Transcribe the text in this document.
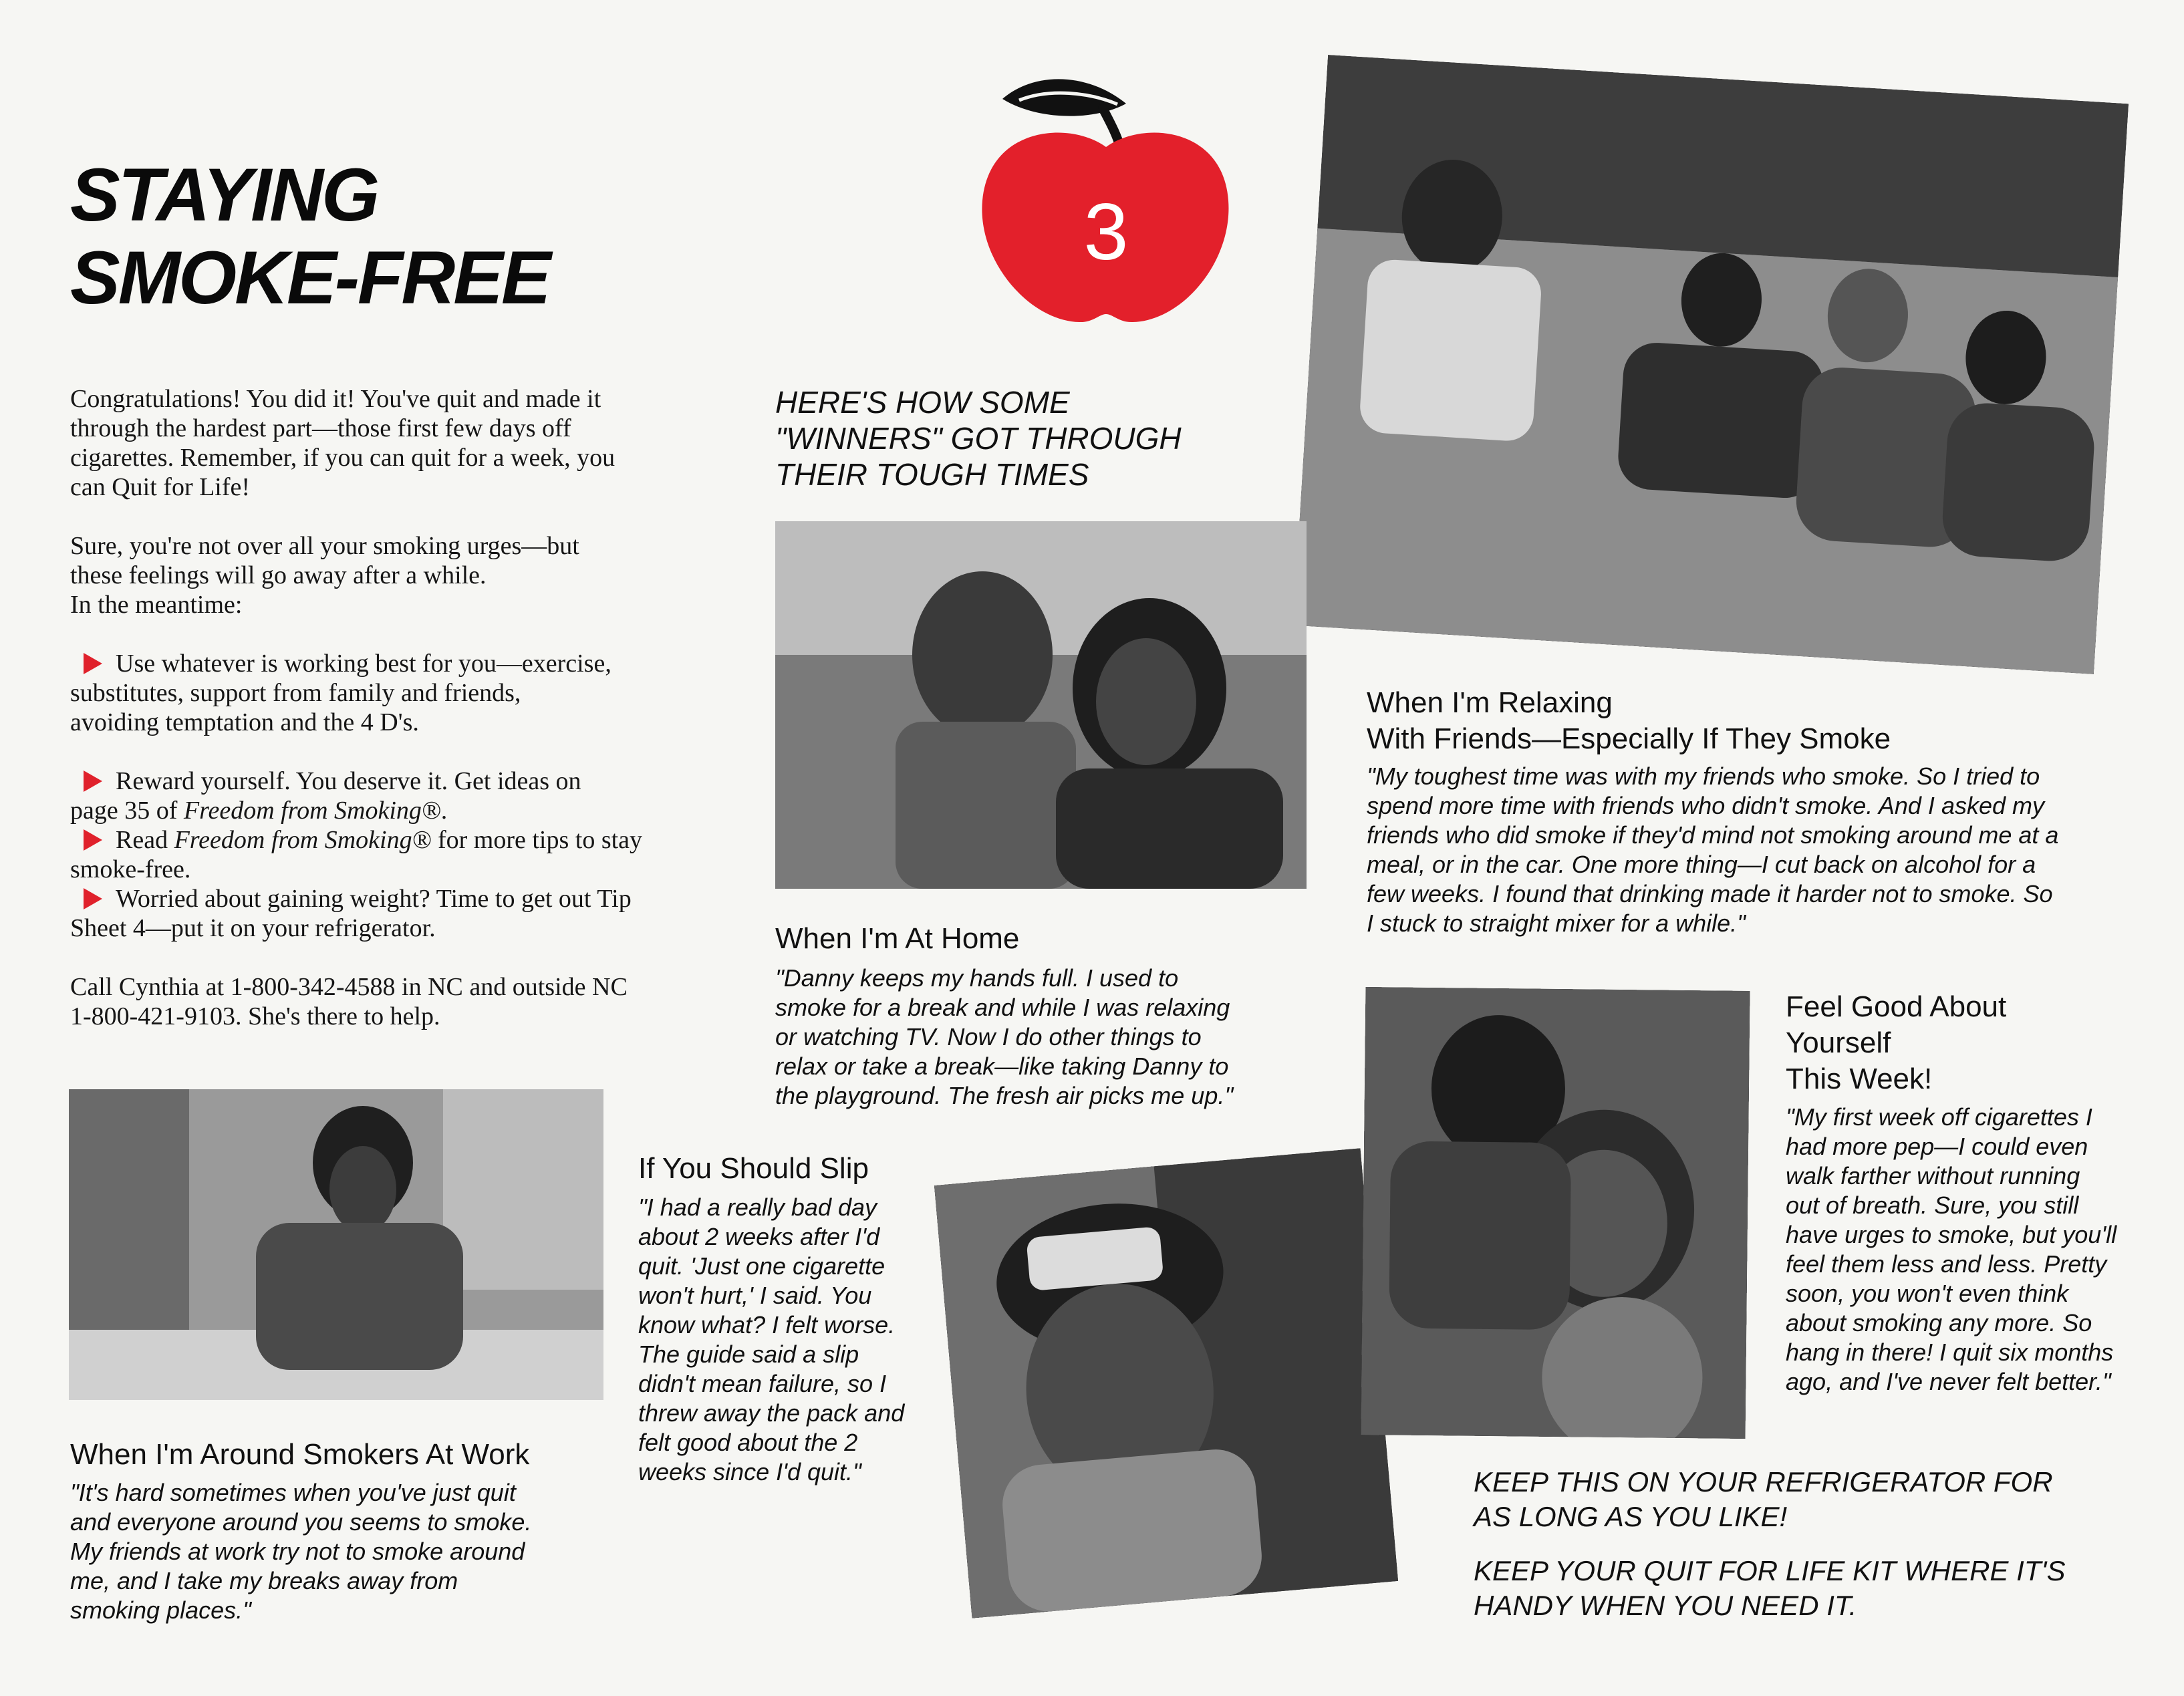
STAYING
SMOKE-FREE
3

Congratulations! You did it! You've quit and made it
through the hardest part—those first few days off
cigarettes. Remember, if you can quit for a week, you
can Quit for Life!

Sure, you're not over all your smoking urges—but
these feelings will go away after a while.
In the meantime:

Use whatever is working best for you—exercise,
substitutes, support from family and friends,
avoiding temptation and the 4 D's.

Reward yourself. You deserve it. Get ideas on
page 35 of Freedom from Smoking®.

Read Freedom from Smoking® for more tips to stay
smoke-free.

Worried about gaining weight? Time to get out Tip
Sheet 4—put it on your refrigerator.

Call Cynthia at 1-800-342-4588 in NC and outside NC
1-800-421-9103. She's there to help.

HERE'S HOW SOME
"WINNERS" GOT THROUGH
THEIR TOUGH TIMES
When I'm Relaxing
With Friends—Especially If They Smoke
"My toughest time was with my friends who smoke. So I tried to
spend more time with friends who didn't smoke. And I asked my
friends who did smoke if they'd mind not smoking around me at a
meal, or in the car. One more thing—I cut back on alcohol for a
few weeks. I found that drinking made it harder not to smoke. So
I stuck to straight mixer for a while."
When I'm At Home
"Danny keeps my hands full. I used to
smoke for a break and while I was relaxing
or watching TV. Now I do other things to
relax or take a break—like taking Danny to
the playground. The fresh air picks me up."
When I'm Around Smokers At Work
"It's hard sometimes when you've just quit
and everyone around you seems to smoke.
My friends at work try not to smoke around
me, and I take my breaks away from
smoking places."
If You Should Slip
"I had a really bad day
about 2 weeks after I'd
quit. 'Just one cigarette
won't hurt,' I said. You
know what? I felt worse.
The guide said a slip
didn't mean failure, so I
threw away the pack and
felt good about the 2
weeks since I'd quit."
Feel Good About
Yourself
This Week!
"My first week off cigarettes I
had more pep—I could even
walk farther without running
out of breath. Sure, you still
have urges to smoke, but you'll
feel them less and less. Pretty
soon, you won't even think
about smoking any more. So
hang in there! I quit six months
ago, and I've never felt better."
KEEP THIS ON YOUR REFRIGERATOR FOR
AS LONG AS YOU LIKE!
KEEP YOUR QUIT FOR LIFE KIT WHERE IT'S
HANDY WHEN YOU NEED IT.
